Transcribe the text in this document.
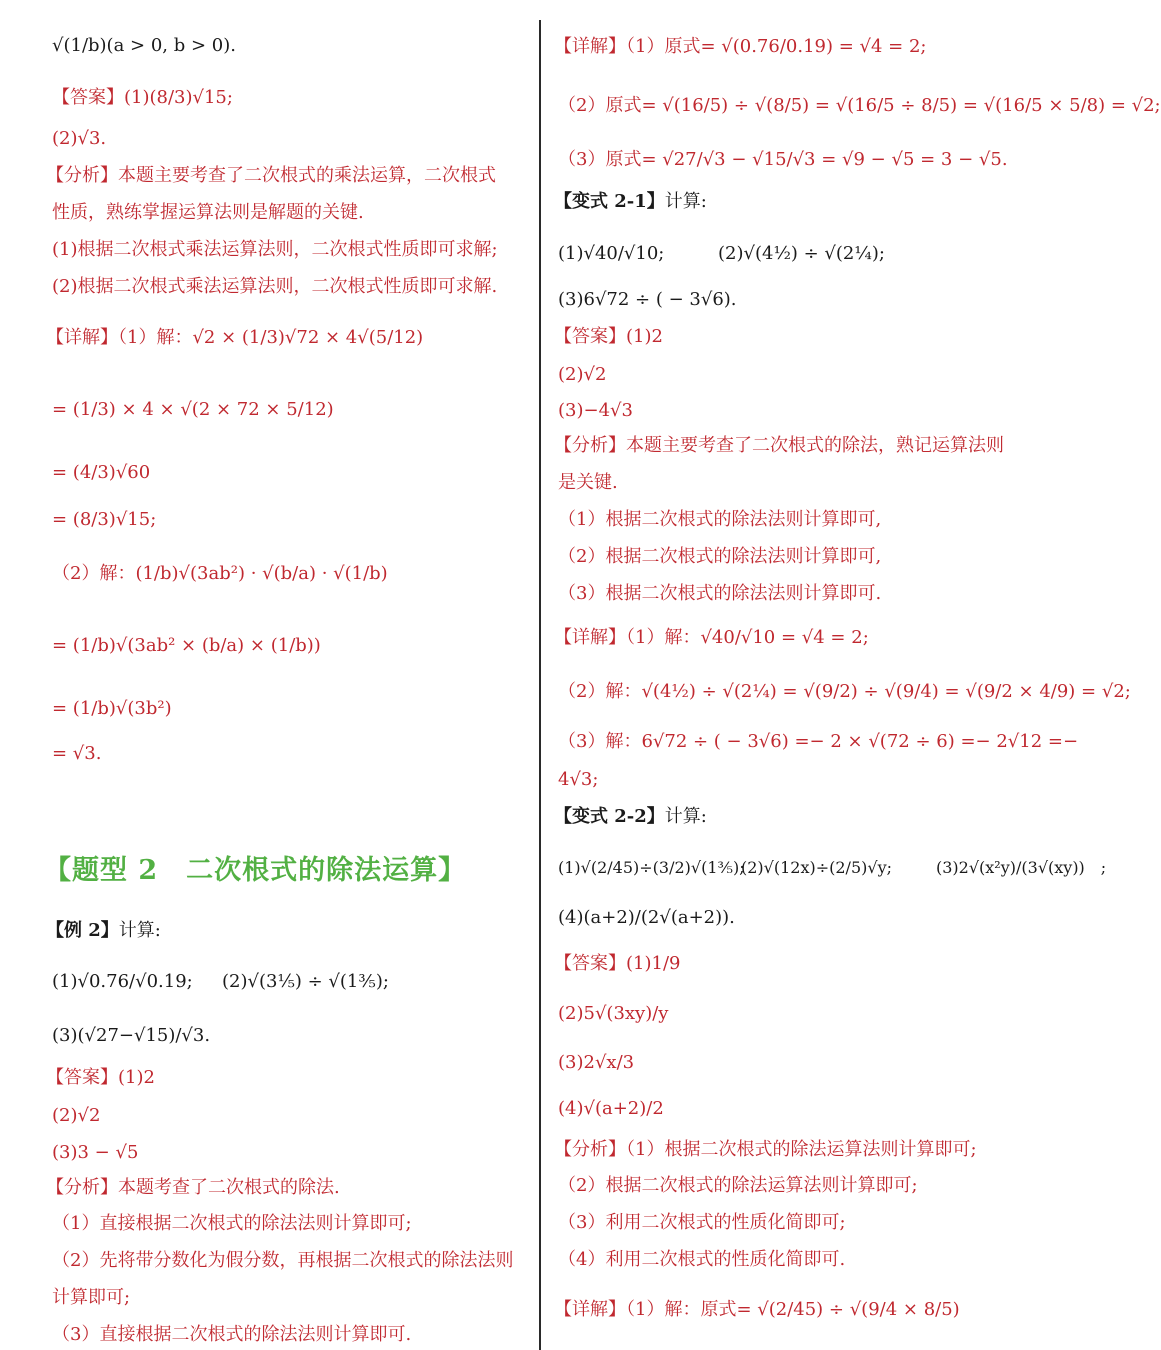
√(1/b)(a > 0, b > 0).
【答案】(1)(8/3)√15;
(2)√3.
【分析】本题主要考查了二次根式的乘法运算，二次根式
性质，熟练掌握运算法则是解题的关键.
(1)根据二次根式乘法运算法则，二次根式性质即可求解;
(2)根据二次根式乘法运算法则，二次根式性质即可求解.
【详解】（1）解：√2 × (1/3)√72 × 4√(5/12)
= (1/3) × 4 × √(2 × 72 × 5/12)
= (4/3)√60
= (8/3)√15;
（2）解：(1/b)√(3ab²) · √(b/a) · √(1/b)
= (1/b)√(3ab² × (b/a) × (1/b))
= (1/b)√(3b²)
= √3.
【题型 2　二次根式的除法运算】
【例 2】计算:
(1)√0.76/√0.19; (2)√(3⅕) ÷ √(1⅗);
(3)(√27−√15)/√3.
【答案】(1)2
(2)√2
(3)3 − √5
【分析】本题考查了二次根式的除法.
（1）直接根据二次根式的除法法则计算即可;
（2）先将带分数化为假分数，再根据二次根式的除法法则
计算即可;
（3）直接根据二次根式的除法法则计算即可.
【详解】（1）原式= √(0.76/0.19) = √4 = 2;
（2）原式= √(16/5) ÷ √(8/5) = √(16/5 ÷ 8/5) = √(16/5 × 5/8) = √2;
（3）原式= √27/√3 − √15/√3 = √9 − √5 = 3 − √5.
【变式 2-1】计算:
(1)√40/√10;	(2)√(4½) ÷ √(2¼);
(3)6√72 ÷ ( − 3√6).
【答案】(1)2
(2)√2
(3)−4√3
【分析】本题主要考查了二次根式的除法，熟记运算法则
是关键.
（1）根据二次根式的除法法则计算即可,
（2）根据二次根式的除法法则计算即可,
（3）根据二次根式的除法法则计算即可.
【详解】（1）解：√40/√10 = √4 = 2;
（2）解：√(4½) ÷ √(2¼) = √(9/2) ÷ √(9/4) = √(9/2 × 4/9) = √2;
（3）解：6√72 ÷ ( − 3√6) =− 2 × √(72 ÷ 6) =− 2√12 =−
4√3;
【变式 2-2】计算:
(1)√(2/45)÷(3/2)√(1⅗);
(2)√(12x)÷(2/5)√y;	(3)2√(x²y)/(3√(xy))　;
(4)(a+2)/(2√(a+2)).
【答案】(1)1/9
(2)5√(3xy)/y
(3)2√x/3
(4)√(a+2)/2
【分析】（1）根据二次根式的除法运算法则计算即可;
（2）根据二次根式的除法运算法则计算即可;
（3）利用二次根式的性质化简即可;
（4）利用二次根式的性质化简即可.
【详解】（1）解：原式= √(2/45) ÷ √(9/4 × 8/5)
